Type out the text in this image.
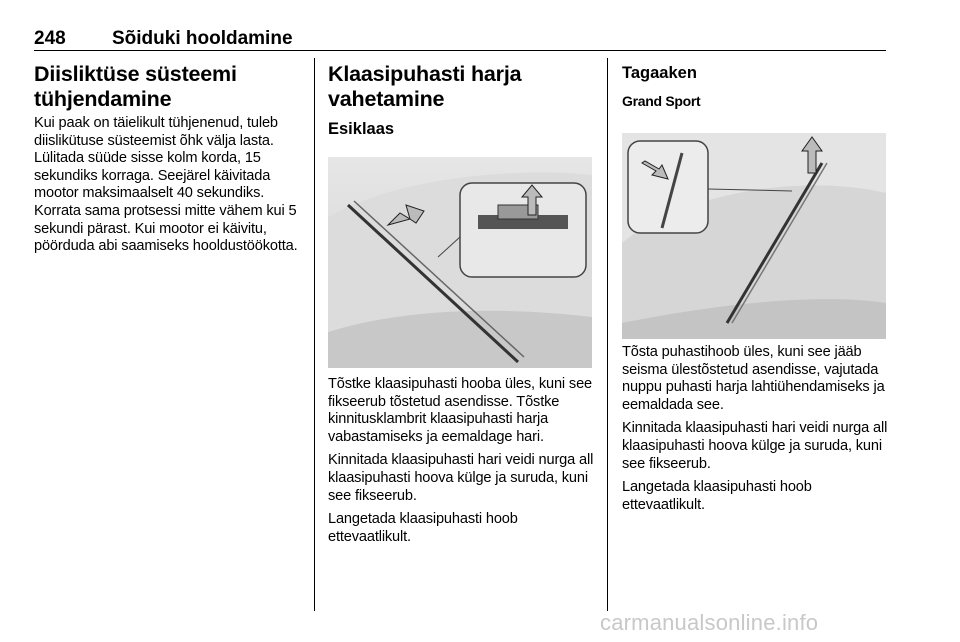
248 Sõiduki hooldamine
Diisliktüse süsteemi tühjendamine

Kui paak on täielikult tühjenenud, tuleb diislikütuse süsteemist õhk välja lasta. Lülitada süüde sisse kolm korda, 15 sekundiks korraga. Seejärel käivitada mootor maksimaalselt 40 sekundiks. Korrata sama protsessi mitte vähem kui 5 sekundi pärast. Kui mootor ei käivitu, pöörduda abi saamiseks hooldustöökotta.

Klaasipuhasti harja vahetamine
Esiklaas

Tõstke klaasipuhasti hooba üles, kuni see fikseerub tõstetud asendisse. Tõstke kinnitusklambrit klaasipuhasti harja vabastamiseks ja eemaldage hari.

Kinnitada klaasipuhasti hari veidi nurga all klaasipuhasti hoova külge ja suruda, kuni see fikseerub.

Langetada klaasipuhasti hoob ettevaatlikult.

Tagaaken
Grand Sport

Tõsta puhastihoob üles, kuni see jääb seisma ülestõstetud asendisse, vajutada nuppu puhasti harja lahtiühendamiseks ja eemaldada see.

Kinnitada klaasipuhasti hari veidi nurga all klaasipuhasti hoova külge ja suruda, kuni see fikseerub.

Langetada klaasipuhasti hoob ettevaatlikult.

carmanualsonline.info
